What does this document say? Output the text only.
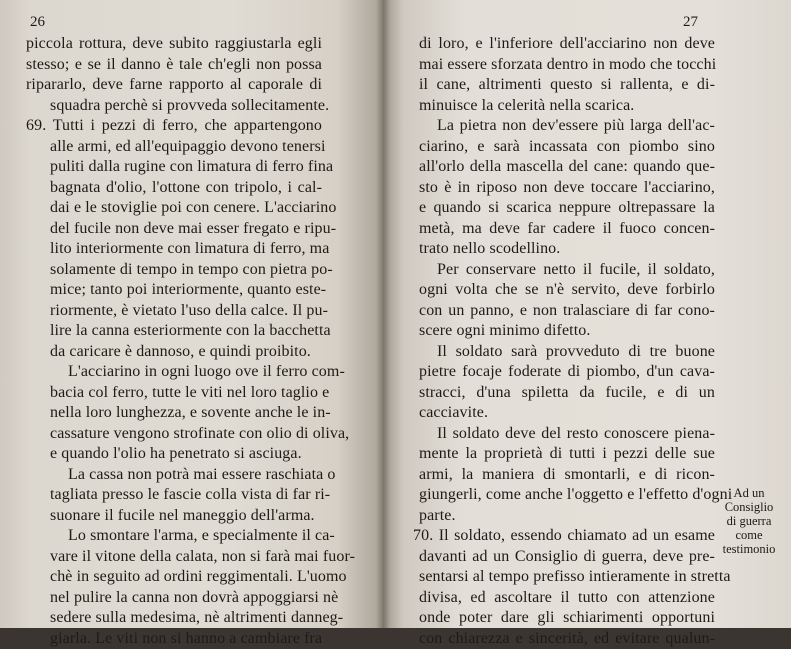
26
piccola rottura, deve subito raggiustarla egli
stesso; e se il danno è tale ch'egli non possa
ripararlo, deve farne rapporto al caporale di
squadra perchè si provveda sollecitamente.
69. Tutti i pezzi di ferro, che appartengono
alle armi, ed all'equipaggio devono tenersi
puliti dalla rugine con limatura di ferro fina
bagnata d'olio, l'ottone con tripolo, i cal-
dai e le stoviglie poi con cenere. L'acciarino
del fucile non deve mai esser fregato e ripu-
lito interiormente con limatura di ferro, ma
solamente di tempo in tempo con pietra po-
mice; tanto poi interiormente, quanto este-
riormente, è vietato l'uso della calce. Il pu-
lire la canna esteriormente con la bacchetta
da caricare è dannoso, e quindi proibito.
L'acciarino in ogni luogo ove il ferro com-
bacia col ferro, tutte le viti nel loro taglio e
nella loro lunghezza, e sovente anche le in-
cassature vengono strofinate con olio di oliva,
e quando l'olio ha penetrato si asciuga.
La cassa non potrà mai essere raschiata o
tagliata presso le fascie colla vista di far ri-
suonare il fucile nel maneggio dell'arma.
Lo smontare l'arma, e specialmente il ca-
vare il vitone della calata, non si farà mai fuor-
chè in seguito ad ordini reggimentali. L'uomo
nel pulire la canna non dovrà appoggiarsi nè
sedere sulla medesima, nè altrimenti danneg-
giarla. Le viti non si hanno a cambiare fra
27
di loro, e l'inferiore dell'acciarino non deve
mai essere sforzata dentro in modo che tocchi
il cane, altrimenti questo si rallenta, e di-
minuisce la celerità nella scarica.
La pietra non dev'essere più larga dell'ac-
ciarino, e sarà incassata con piombo sino
all'orlo della mascella del cane: quando que-
sto è in riposo non deve toccare l'acciarino,
e quando si scarica neppure oltrepassare la
metà, ma deve far cadere il fuoco concen-
trato nello scodellino.
Per conservare netto il fucile, il soldato,
ogni volta che se n'è servito, deve forbirlo
con un panno, e non tralasciare di far cono-
scere ogni minimo difetto.
Il soldato sarà provveduto di tre buone
pietre focaje foderate di piombo, d'un cava-
stracci, d'una spiletta da fucile, e di un
cacciavite.
Il soldato deve del resto conoscere piena-
mente la proprietà di tutti i pezzi delle sue
armi, la maniera di smontarli, e di ricon-
giungerli, come anche l'oggetto e l'effetto d'ogni
parte.
70. Il soldato, essendo chiamato ad un esame
davanti ad un Consiglio di guerra, deve pre-
sentarsi al tempo prefisso intieramente in stretta
divisa, ed ascoltare il tutto con attenzione
onde poter dare gli schiarimenti opportuni
con chiarezza e sincerità, ed evitare qualun-
Ad un
Consiglio
di guerra
come
testimonio
